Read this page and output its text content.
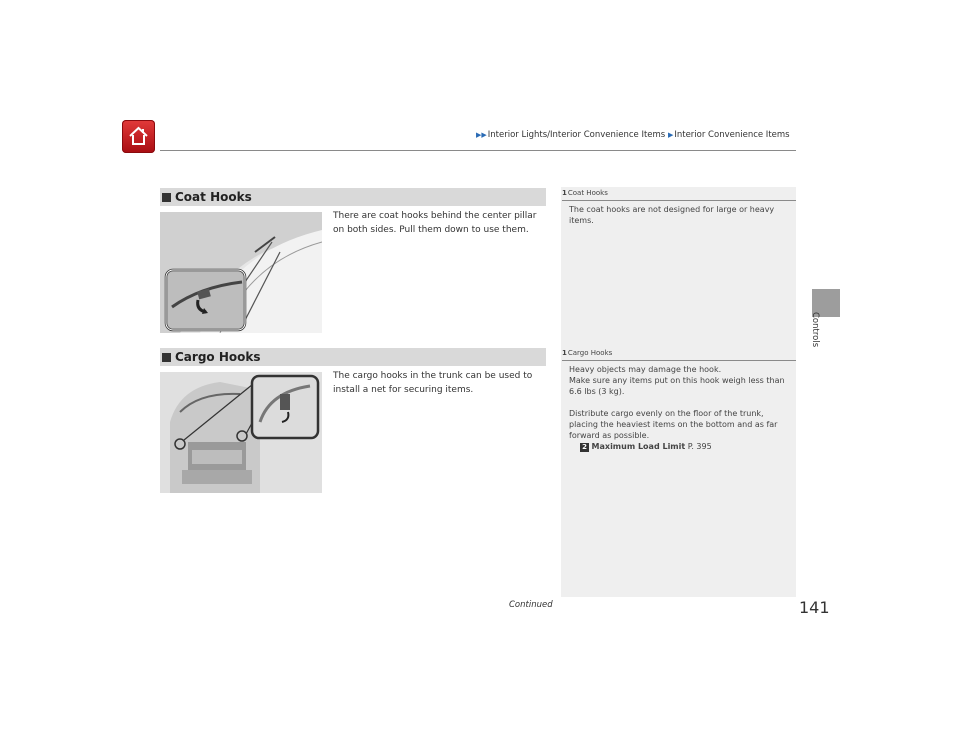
▶▶Interior Lights/Interior Convenience Items ▶Interior Convenience Items
Controls
Coat Hooks
There are coat hooks behind the center pillar on both sides. Pull them down to use them.
Cargo Hooks
The cargo hooks in the trunk can be used to install a net for securing items.
1Coat Hooks
The coat hooks are not designed for large or heavy items.
1Cargo Hooks
Heavy objects may damage the hook.
Make sure any items put on this hook weigh less than 6.6 lbs (3 kg).
Distribute cargo evenly on the floor of the trunk, placing the heaviest items on the bottom and as far forward as possible.
2 Maximum Load Limit P. 395
Continued	141
